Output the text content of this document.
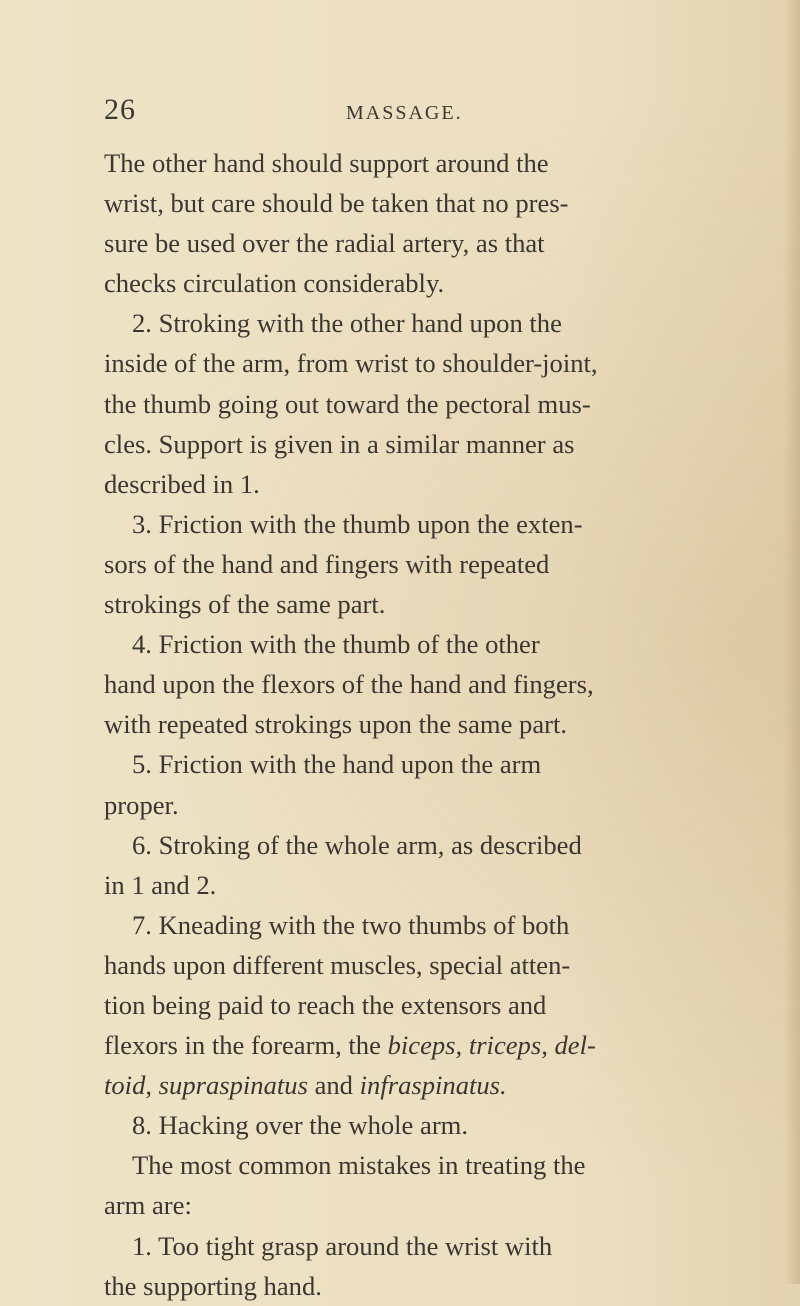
26	MASSAGE.
The other hand should support around the
wrist, but care should be taken that no pres-
sure be used over the radial artery, as that
checks circulation considerably.
2. Stroking with the other hand upon the
inside of the arm, from wrist to shoulder-joint,
the thumb going out toward the pectoral mus-
cles. Support is given in a similar manner as
described in 1.
3. Friction with the thumb upon the exten-
sors of the hand and fingers with repeated
strokings of the same part.
4. Friction with the thumb of the other
hand upon the flexors of the hand and fingers,
with repeated strokings upon the same part.
5. Friction with the hand upon the arm
proper.
6. Stroking of the whole arm, as described
in 1 and 2.
7. Kneading with the two thumbs of both
hands upon different muscles, special atten-
tion being paid to reach the extensors and
flexors in the forearm, the biceps, triceps, del-
toid, supraspinatus and infraspinatus.
8. Hacking over the whole arm.
The most common mistakes in treating the
arm are:
1. Too tight grasp around the wrist with
the supporting hand.
